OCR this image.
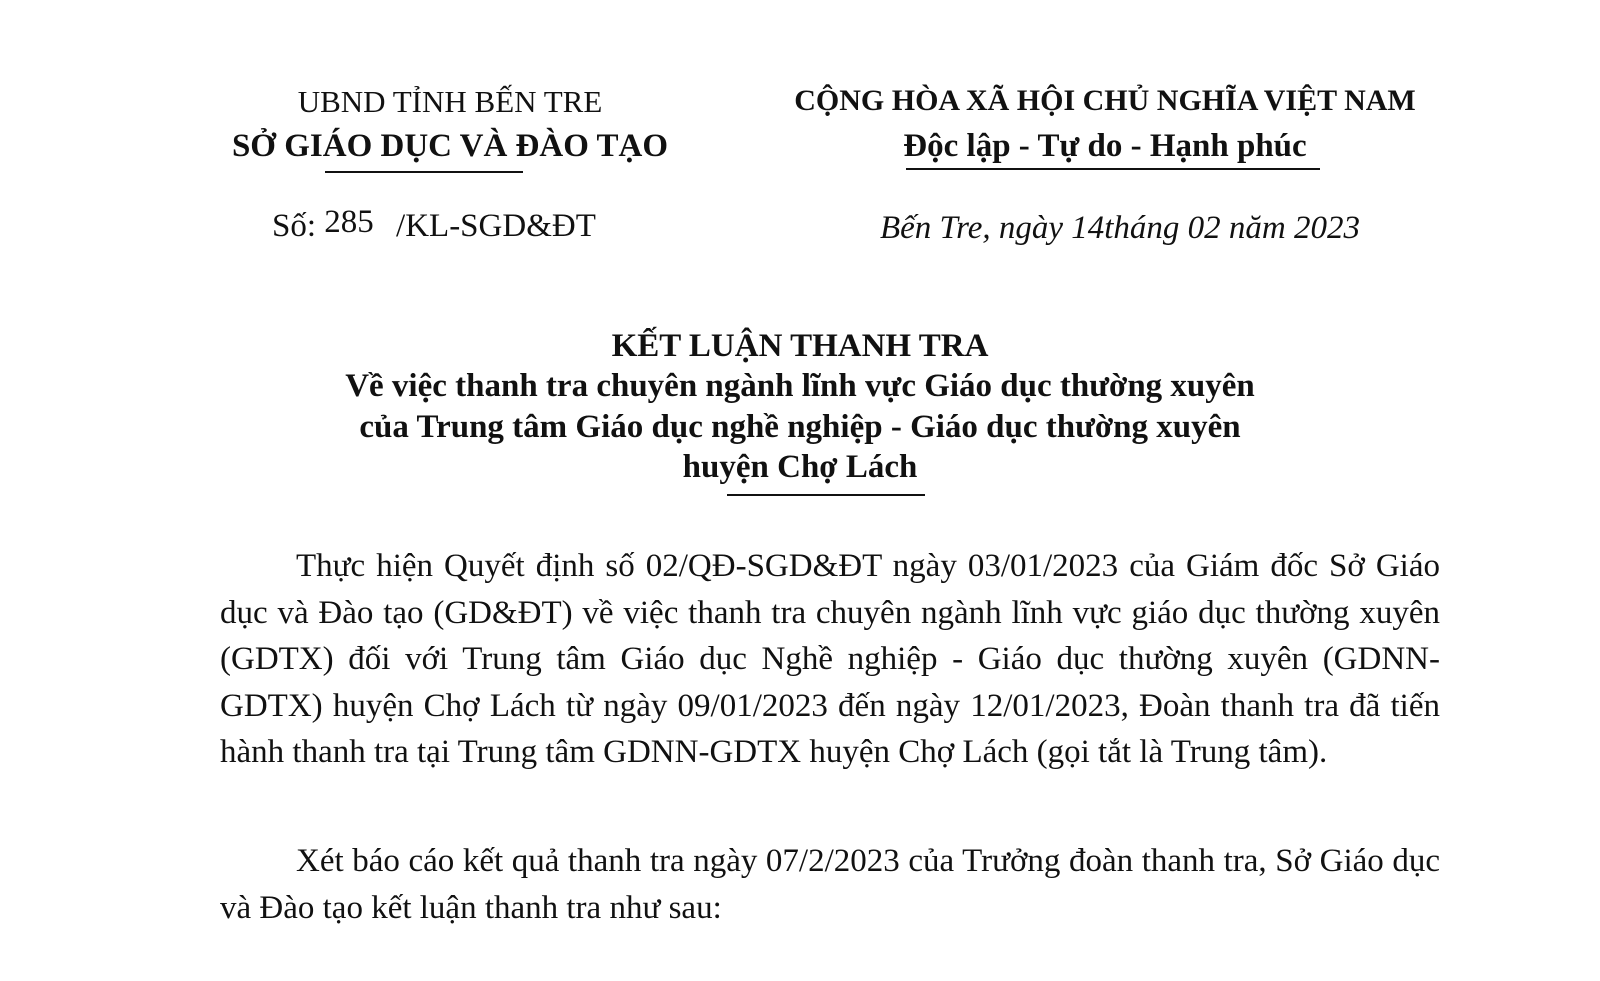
UBND TỈNH BẾN TRE
SỞ GIÁO DỤC VÀ ĐÀO TẠO
CỘNG HÒA XÃ HỘI CHỦ NGHĨA VIỆT NAM
Độc lập - Tự do - Hạnh phúc
Số: 285 /KL-SGD&ĐT	Bến Tre, ngày 14tháng 02 năm 2023
KẾT LUẬN THANH TRA
Về việc thanh tra chuyên ngành lĩnh vực Giáo dục thường xuyên
của Trung tâm Giáo dục nghề nghiệp - Giáo dục thường xuyên
huyện Chợ Lách

Thực hiện Quyết định số 02/QĐ-SGD&ĐT ngày 03/01/2023 của Giám đốc Sở Giáo dục và Đào tạo (GD&ĐT) về việc thanh tra chuyên ngành lĩnh vực giáo dục thường xuyên (GDTX) đối với Trung tâm Giáo dục Nghề nghiệp - Giáo dục thường xuyên (GDNN-GDTX) huyện Chợ Lách từ ngày 09/01/2023 đến ngày 12/01/2023, Đoàn thanh tra đã tiến hành thanh tra tại Trung tâm GDNN-GDTX huyện Chợ Lách (gọi tắt là Trung tâm).

Xét báo cáo kết quả thanh tra ngày 07/2/2023 của Trưởng đoàn thanh tra, Sở Giáo dục và Đào tạo kết luận thanh tra như sau:
